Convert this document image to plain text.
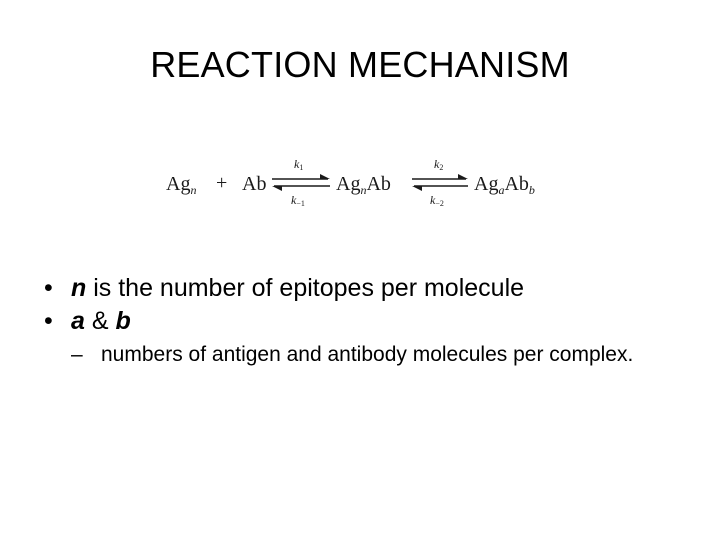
REACTION MECHANISM
$Ag_n + Ab$
k1
k−1
$Ag_nAb$
k2
k−2
$Ag_aAb_b$
• n is the number of epitopes per molecule
• a & b
– numbers of antigen and antibody molecules per complex.
